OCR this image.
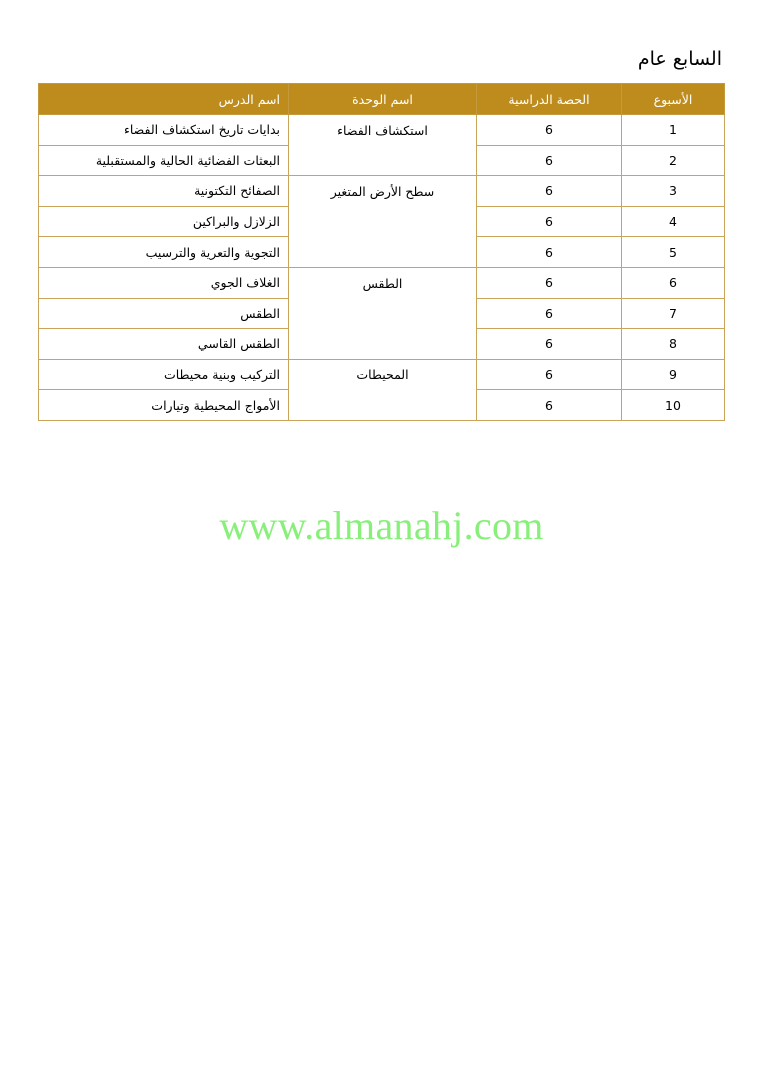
السابع عام
الأسبوع	الحصة الدراسية	اسم الوحدة	اسم الدرس
1	6	استكشاف الفضاء	بدايات تاريخ استكشاف الفضاء
2	6		البعثات الفضائية الحالية والمستقبلية
3	6	سطح الأرض المتغير	الصفائح التكتونية
4	6		الزلازل والبراكين
5	6		التجوية والتعرية والترسيب
6	6	الطقس	الغلاف الجوي
7	6		الطقس
8	6		الطقس القاسي
9	6	المحيطات	التركيب وبنية محيطات
10	6		الأمواج المحيطية وتيارات
www.almanahj.com
